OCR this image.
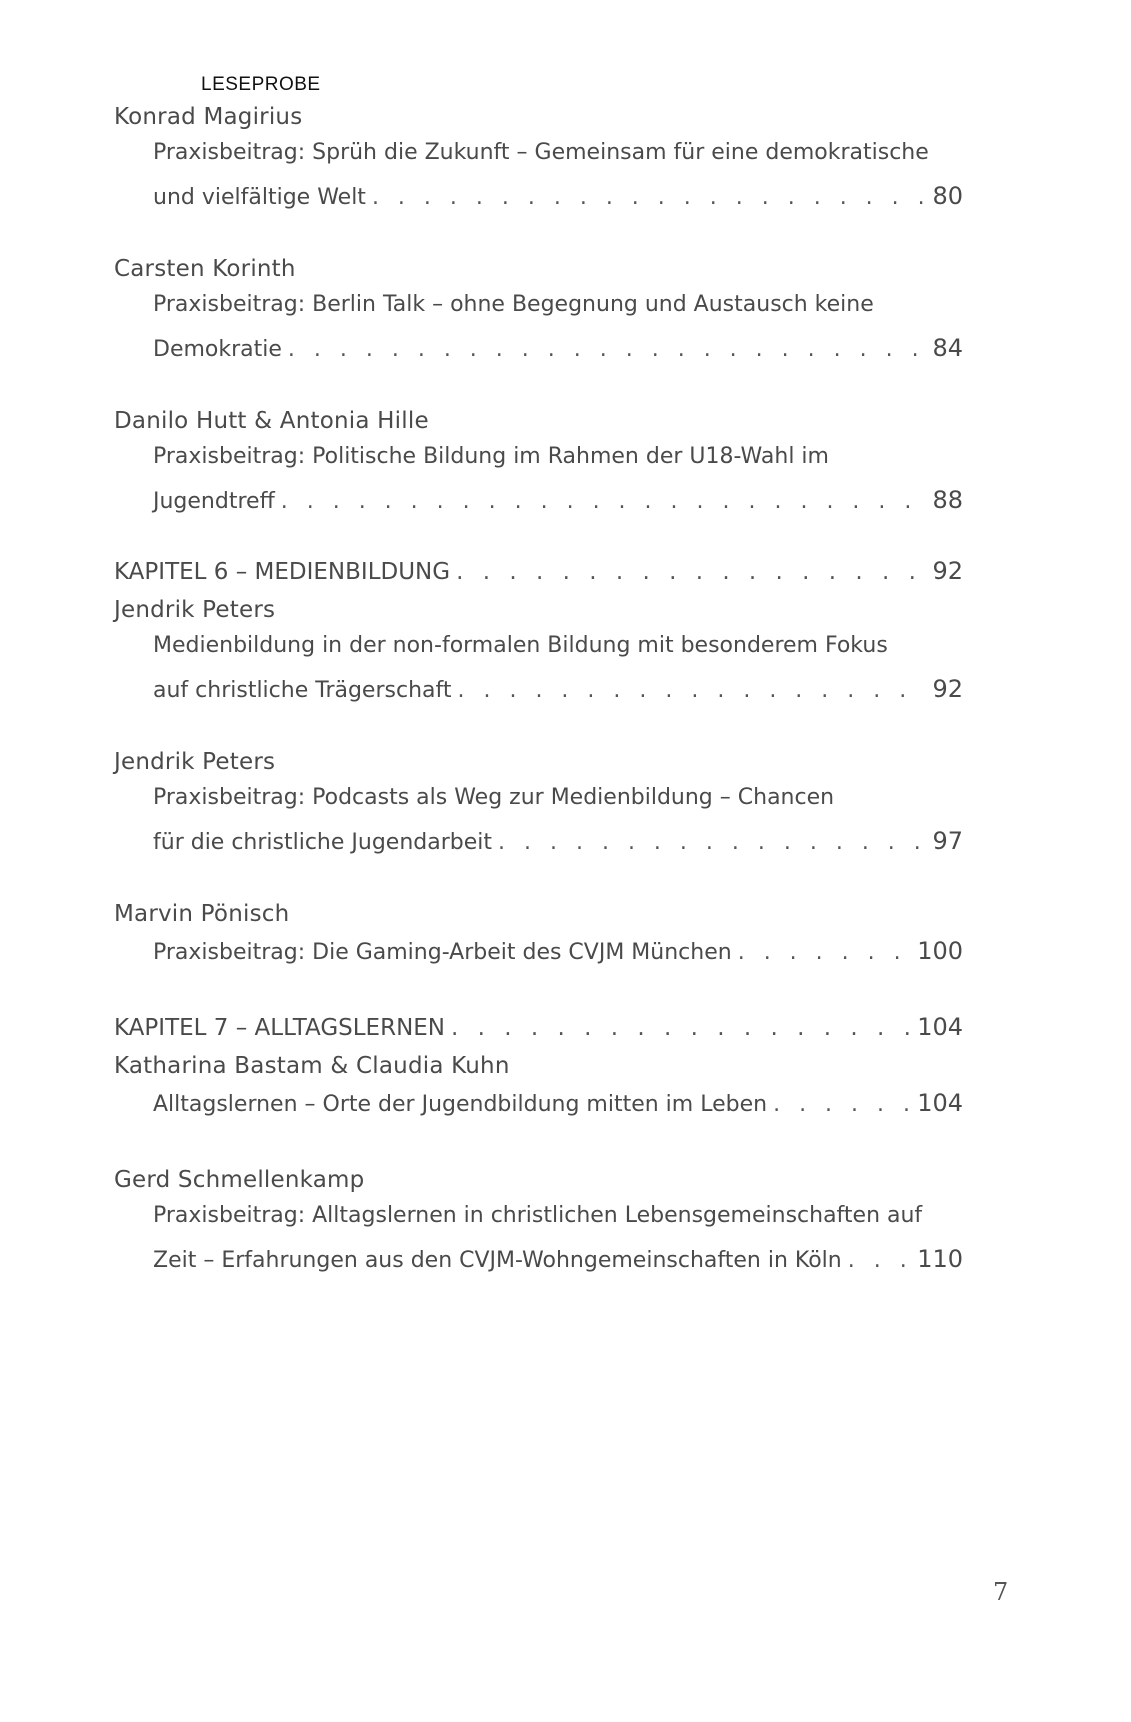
LESEPROBE
Konrad Magirius
Praxisbeitrag: Sprüh die Zukunft – Gemeinsam für eine demokratische
und vielfältige Welt . . .	80
Carsten Korinth
Praxisbeitrag: Berlin Talk – ohne Begegnung und Austausch keine
Demokratie . . .	84
Danilo Hutt & Antonia Hille
Praxisbeitrag: Politische Bildung im Rahmen der U18-Wahl im
Jugendtreff . . .	88
KAPITEL 6 – MEDIENBILDUNG . . .	92
Jendrik Peters
Medienbildung in der non-formalen Bildung mit besonderem Fokus
auf christliche Trägerschaft . . .	92
Jendrik Peters
Praxisbeitrag: Podcasts als Weg zur Medienbildung – Chancen
für die christliche Jugendarbeit . . .	97
Marvin Pönisch
Praxisbeitrag: Die Gaming-Arbeit des CVJM München . . .	100
KAPITEL 7 – ALLTAGSLERNEN . . .	104
Katharina Bastam & Claudia Kuhn
Alltagslernen – Orte der Jugendbildung mitten im Leben . . .	104
Gerd Schmellenkamp
Praxisbeitrag: Alltagslernen in christlichen Lebensgemeinschaften auf
Zeit – Erfahrungen aus den CVJM-Wohngemeinschaften in Köln . . .	110
7
